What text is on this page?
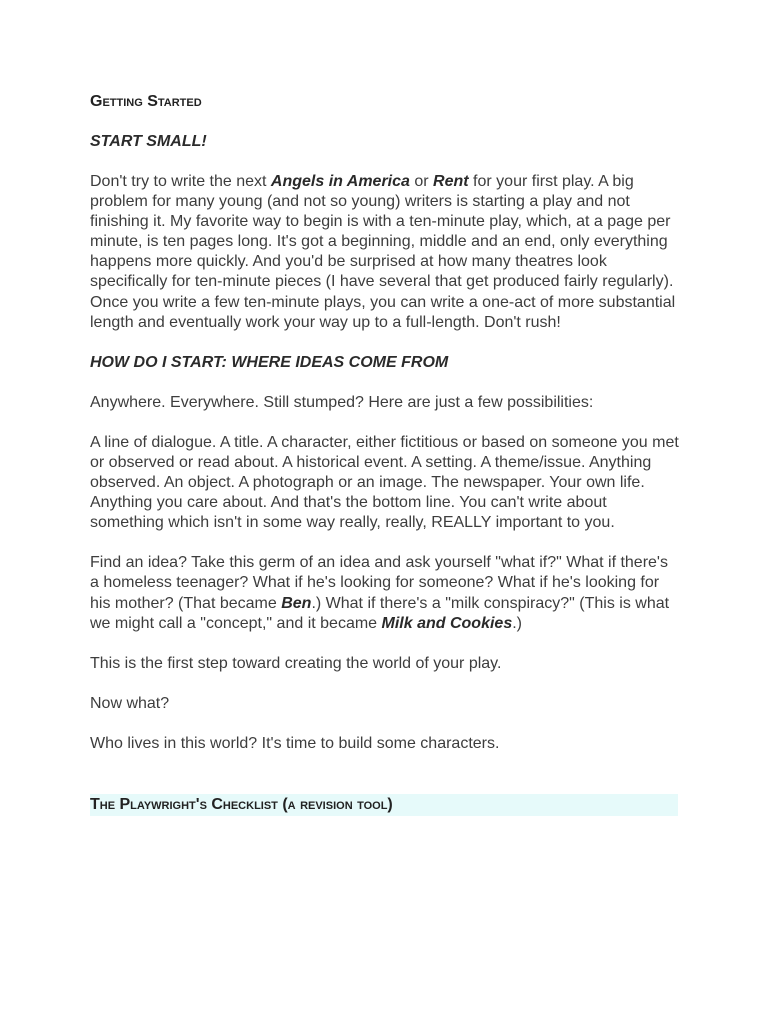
Getting Started

START SMALL!

Don't try to write the next Angels in America or Rent for your first play. A big problem for many young (and not so young) writers is starting a play and not finishing it. My favorite way to begin is with a ten-minute play, which, at a page per minute, is ten pages long. It's got a beginning, middle and an end, only everything happens more quickly. And you'd be surprised at how many theatres look specifically for ten-minute pieces (I have several that get produced fairly regularly). Once you write a few ten-minute plays, you can write a one-act of more substantial length and eventually work your way up to a full-length. Don't rush!

HOW DO I START: WHERE IDEAS COME FROM

Anywhere. Everywhere. Still stumped? Here are just a few possibilities:

A line of dialogue. A title. A character, either fictitious or based on someone you met or observed or read about. A historical event. A setting. A theme/issue. Anything observed. An object. A photograph or an image. The newspaper. Your own life. Anything you care about. And that's the bottom line. You can't write about something which isn't in some way really, really, REALLY important to you.

Find an idea? Take this germ of an idea and ask yourself "what if?" What if there's a homeless teenager? What if he's looking for someone? What if he's looking for his mother? (That became Ben.) What if there's a "milk conspiracy?" (This is what we might call a "concept," and it became Milk and Cookies.)

This is the first step toward creating the world of your play.

Now what?

Who lives in this world? It's time to build some characters.

The Playwright's Checklist (a revision tool)
